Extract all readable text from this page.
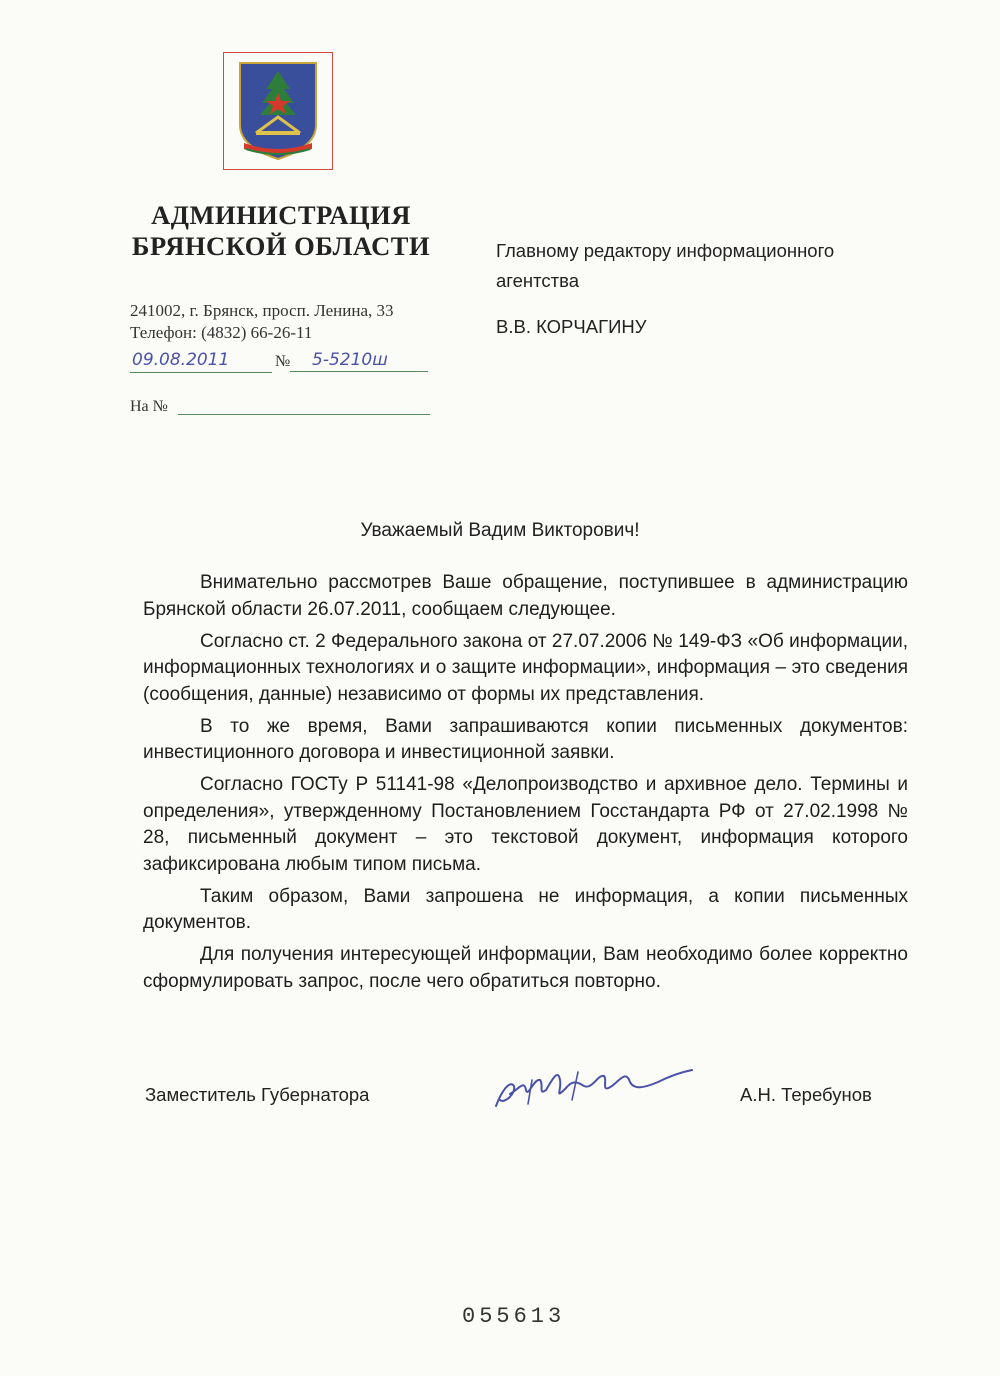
АДМИНИСТРАЦИЯ
БРЯНСКОЙ ОБЛАСТИ
241002, г. Брянск, просп. Ленина, 33
Телефон: (4832) 66-26-11
09.08.2011	№	5-5210ш
На №
Главному редактору информационного агентства
В.В. КОРЧАГИНУ
Уважаемый Вадим Викторович!

Внимательно рассмотрев Ваше обращение, поступившее в администрацию Брянской области 26.07.2011, сообщаем следующее.

Согласно ст. 2 Федерального закона от 27.07.2006 № 149-ФЗ «Об информации, информационных технологиях и о защите информации», информация – это сведения (сообщения, данные) независимо от формы их представления.

В то же время, Вами запрашиваются копии письменных документов: инвестиционного договора и инвестиционной заявки.

Согласно ГОСТу Р 51141-98 «Делопроизводство и архивное дело. Термины и определения», утвержденному Постановлением Госстандарта РФ от 27.02.1998 № 28, письменный документ – это текстовой документ, информация которого зафиксирована любым типом письма.

Таким образом, Вами запрошена не информация, а копии письменных документов.

Для получения интересующей информации, Вам необходимо более корректно сформулировать запрос, после чего обратиться повторно.

Заместитель Губернатора	А.Н. Теребунов
055613
